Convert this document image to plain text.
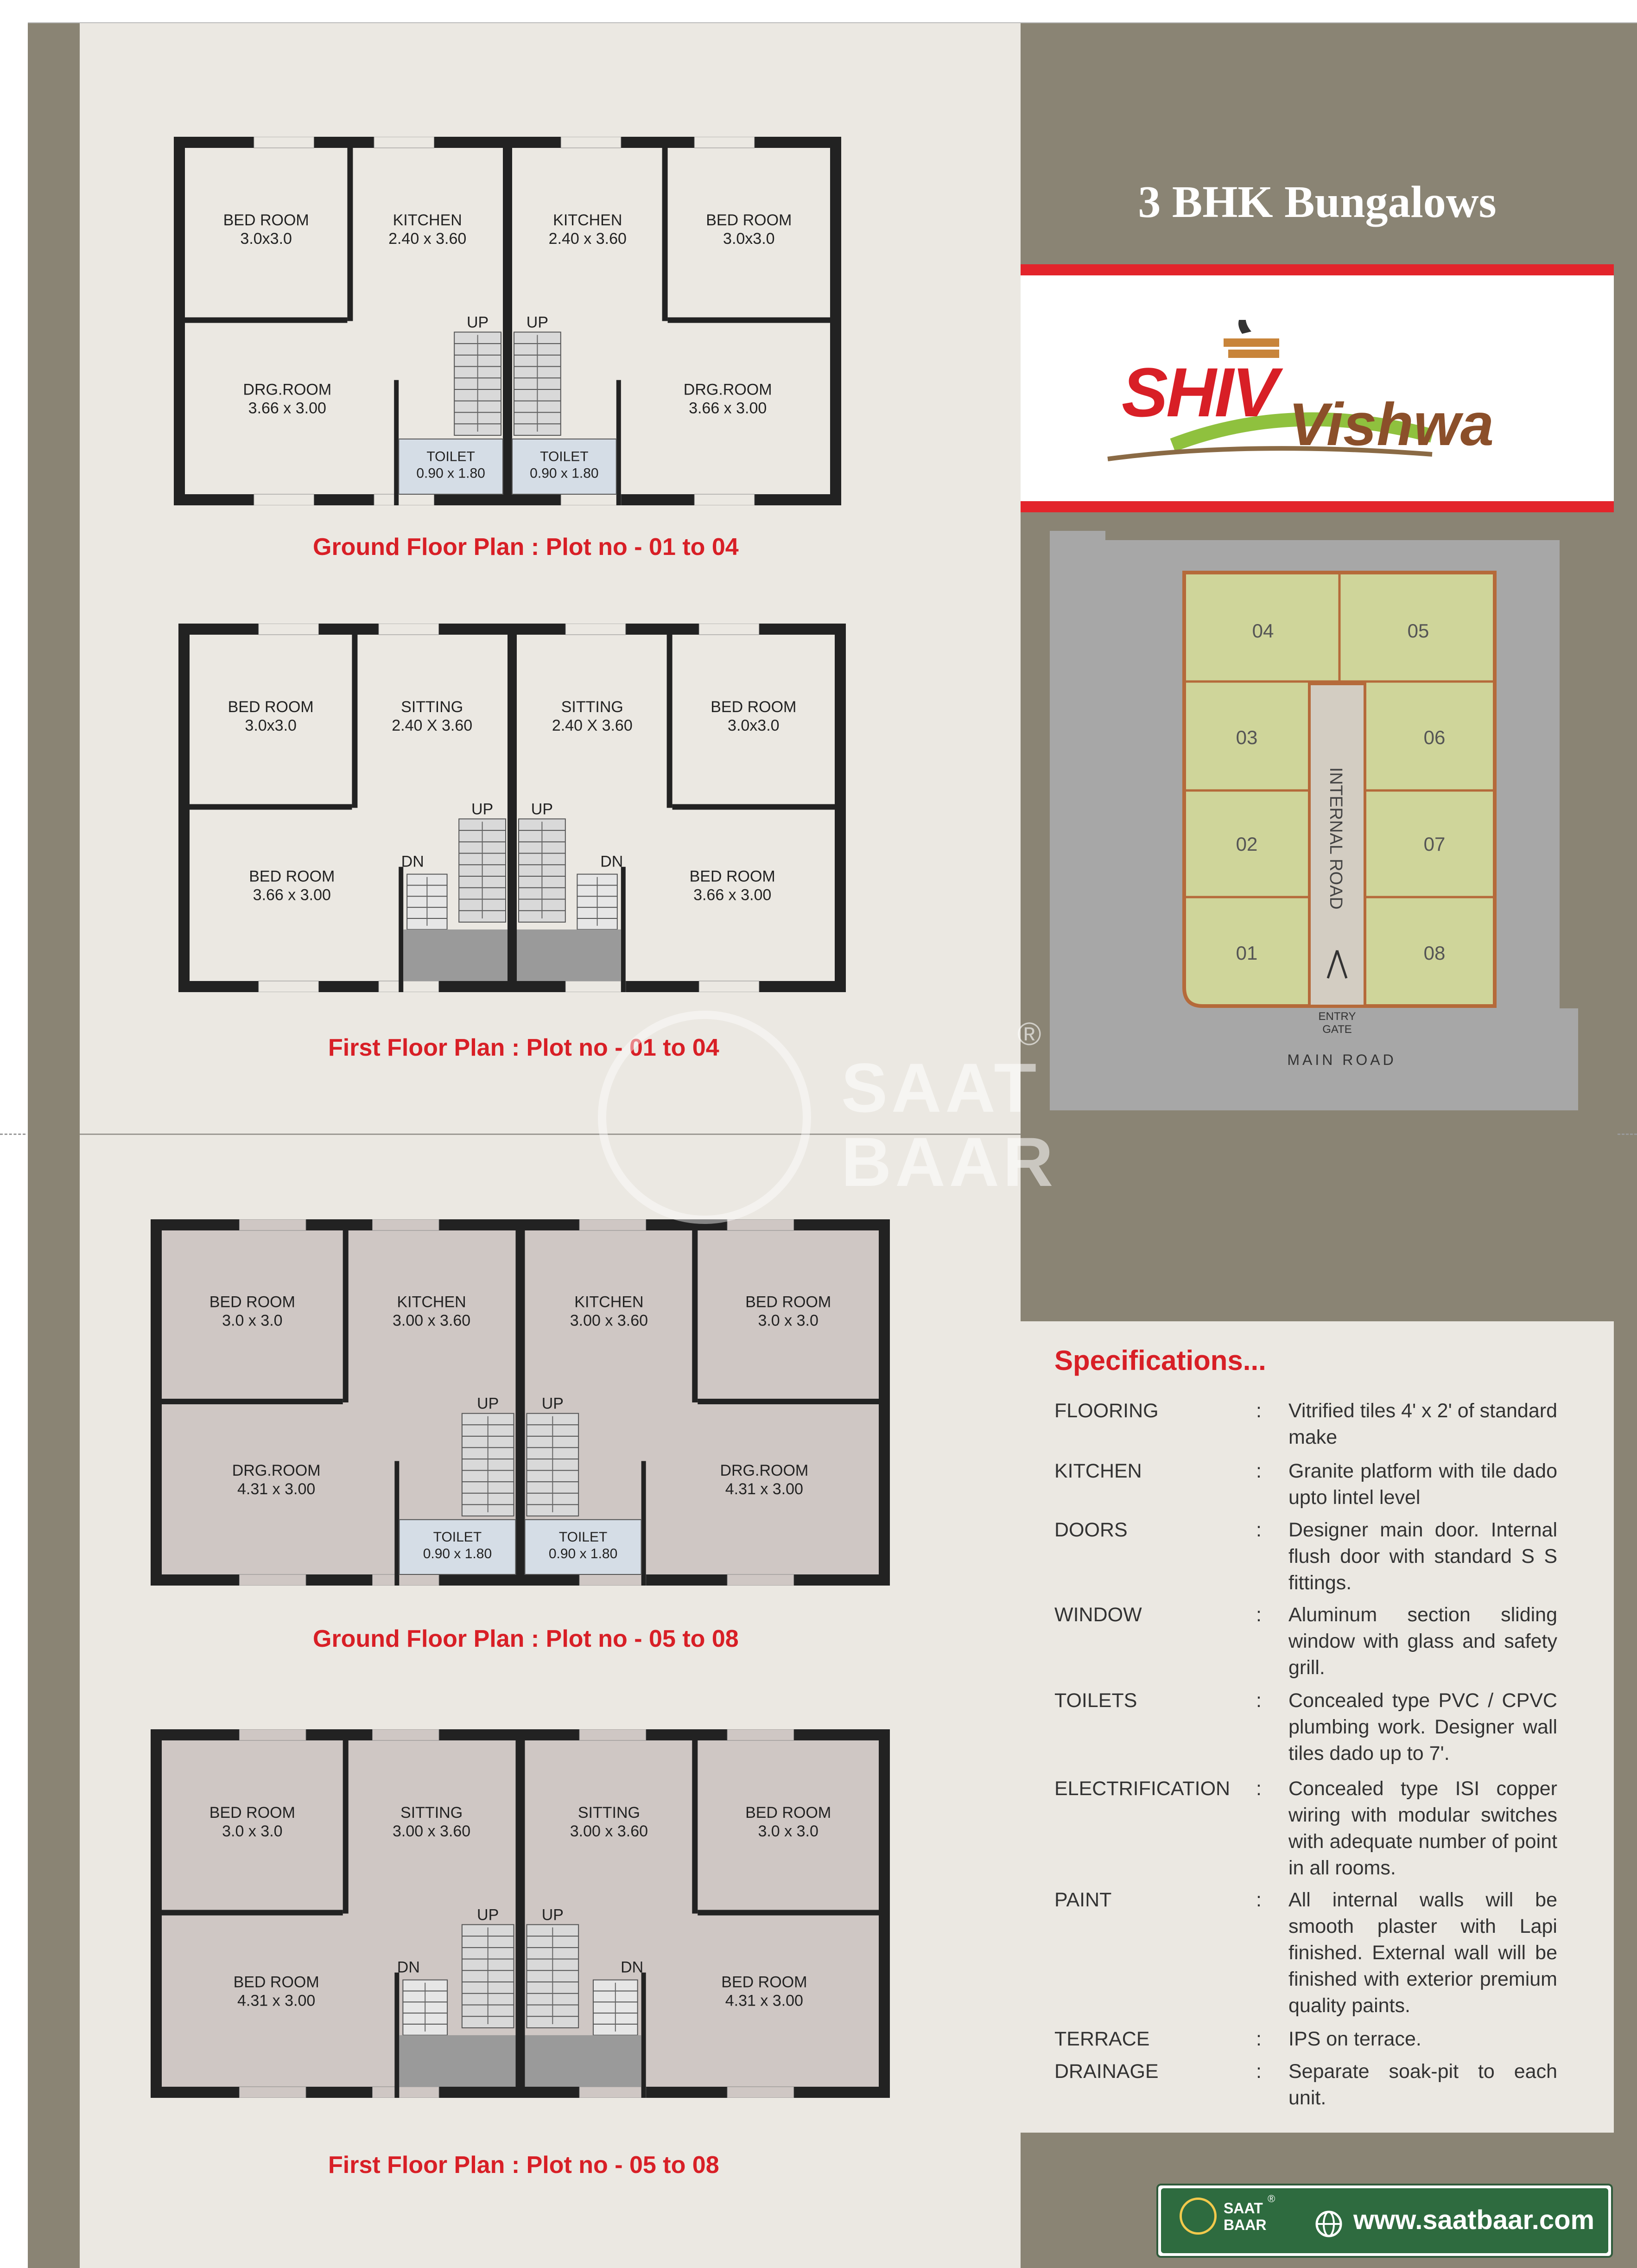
3 BHK Bungalows
SHIV Vishwa
UP UP
TOILET
0.90 x 1.80
TOILET
0.90 x 1.80
BED ROOM
3.0x3.0
KITCHEN
2.40 x 3.60
KITCHEN
2.40 x 3.60
BED ROOM
3.0x3.0
DRG.ROOM
3.66 x 3.00
DRG.ROOM
3.66 x 3.00
Ground Floor Plan : Plot no - 01 to 04
UP UP
DN	DN
BED ROOM
3.0x3.0
SITTING
2.40 X 3.60
SITTING
2.40 X 3.60
BED ROOM
3.0x3.0
BED ROOM
3.66 x 3.00
BED ROOM
3.66 x 3.00
First Floor Plan : Plot no - 01 to 04
UP	UP
TOILET
0.90 x 1.80
TOILET
0.90 x 1.80
BED ROOM
3.0 x 3.0
KITCHEN
3.00 x 3.60
KITCHEN
3.00 x 3.60
BED ROOM
3.0 x 3.0
DRG.ROOM
4.31 x 3.00
DRG.ROOM
4.31 x 3.00
Ground Floor Plan : Plot no - 05 to 08
UP	UP
DN	DN
BED ROOM
3.0 x 3.0
SITTING
3.00 x 3.60
SITTING
3.00 x 3.60
BED ROOM
3.0 x 3.0
BED ROOM
4.31 x 3.00
BED ROOM
4.31 x 3.00
First Floor Plan : Plot no - 05 to 08
04	05
03	06
02	07
01	08
INTERNAL ROAD
ENTRY
GATE
MAIN ROAD
Specifications...
FLOORING	: Vitrified tiles 4' x 2' of standard make
KITCHEN	: Granite platform with tile dado upto lintel level
DOORS	: Designer main door. Internal flush door with standard S S fittings.
WINDOW	: Aluminum section sliding window with glass and safety grill.
TOILETS	: Concealed type PVC / CPVC plumbing work. Designer wall tiles dado up to 7'.
ELECTRIFICATION	: Concealed type ISI copper wiring with modular switches with adequate number of point in all rooms.
PAINT	: All internal walls will be smooth plaster with Lapi finished. External wall will be finished with exterior premium quality paints.
TERRACE	: IPS on terrace.
DRAINAGE	: Separate soak-pit to each unit.
SAAT
BAAR
®
SAAT
BAAR
®
www.saatbaar.com
